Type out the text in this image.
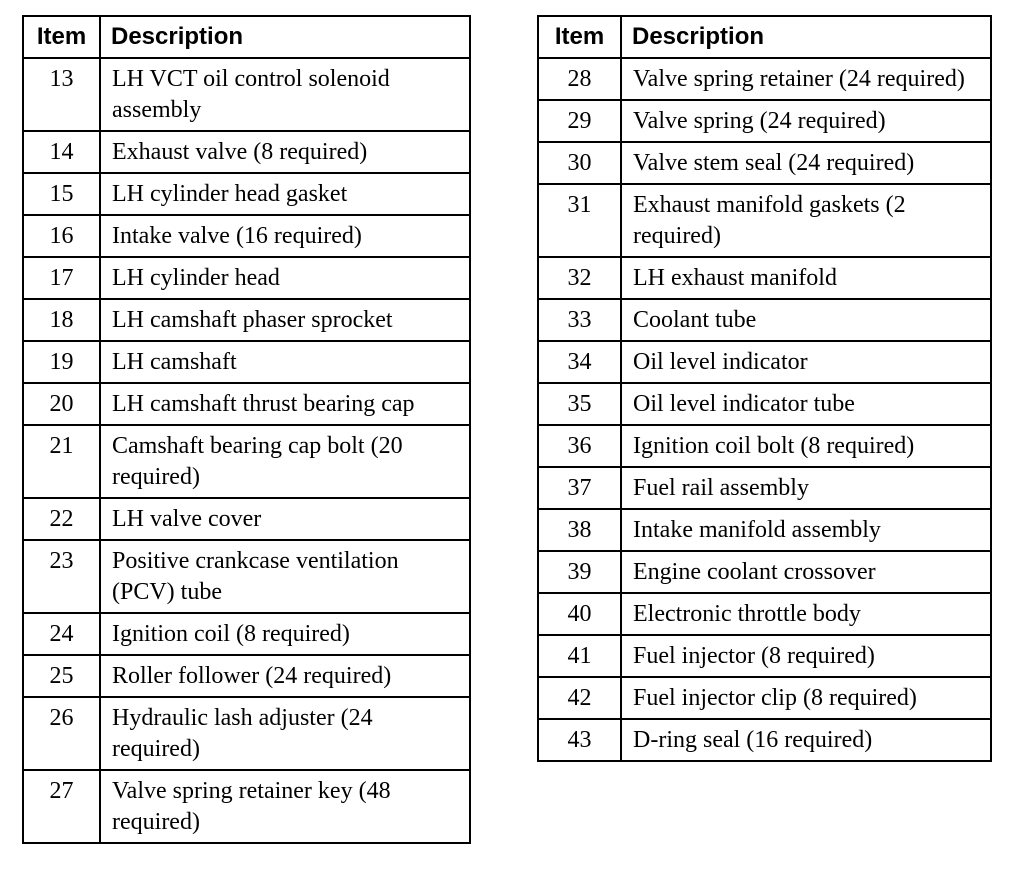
Item	Description
13	LH VCT oil control solenoid assembly
14	Exhaust valve (8 required)
15	LH cylinder head gasket
16	Intake valve (16 required)
17	LH cylinder head
18	LH camshaft phaser sprocket
19	LH camshaft
20	LH camshaft thrust bearing cap
21	Camshaft bearing cap bolt (20 required)
22	LH valve cover
23	Positive crankcase ventilation (PCV) tube
24	Ignition coil (8 required)
25	Roller follower (24 required)
26	Hydraulic lash adjuster (24 required)
27	Valve spring retainer key (48 required)
Item	Description
28	Valve spring retainer (24 required)
29	Valve spring (24 required)
30	Valve stem seal (24 required)
31	Exhaust manifold gaskets (2 required)
32	LH exhaust manifold
33	Coolant tube
34	Oil level indicator
35	Oil level indicator tube
36	Ignition coil bolt (8 required)
37	Fuel rail assembly
38	Intake manifold assembly
39	Engine coolant crossover
40	Electronic throttle body
41	Fuel injector (8 required)
42	Fuel injector clip (8 required)
43	D-ring seal (16 required)
